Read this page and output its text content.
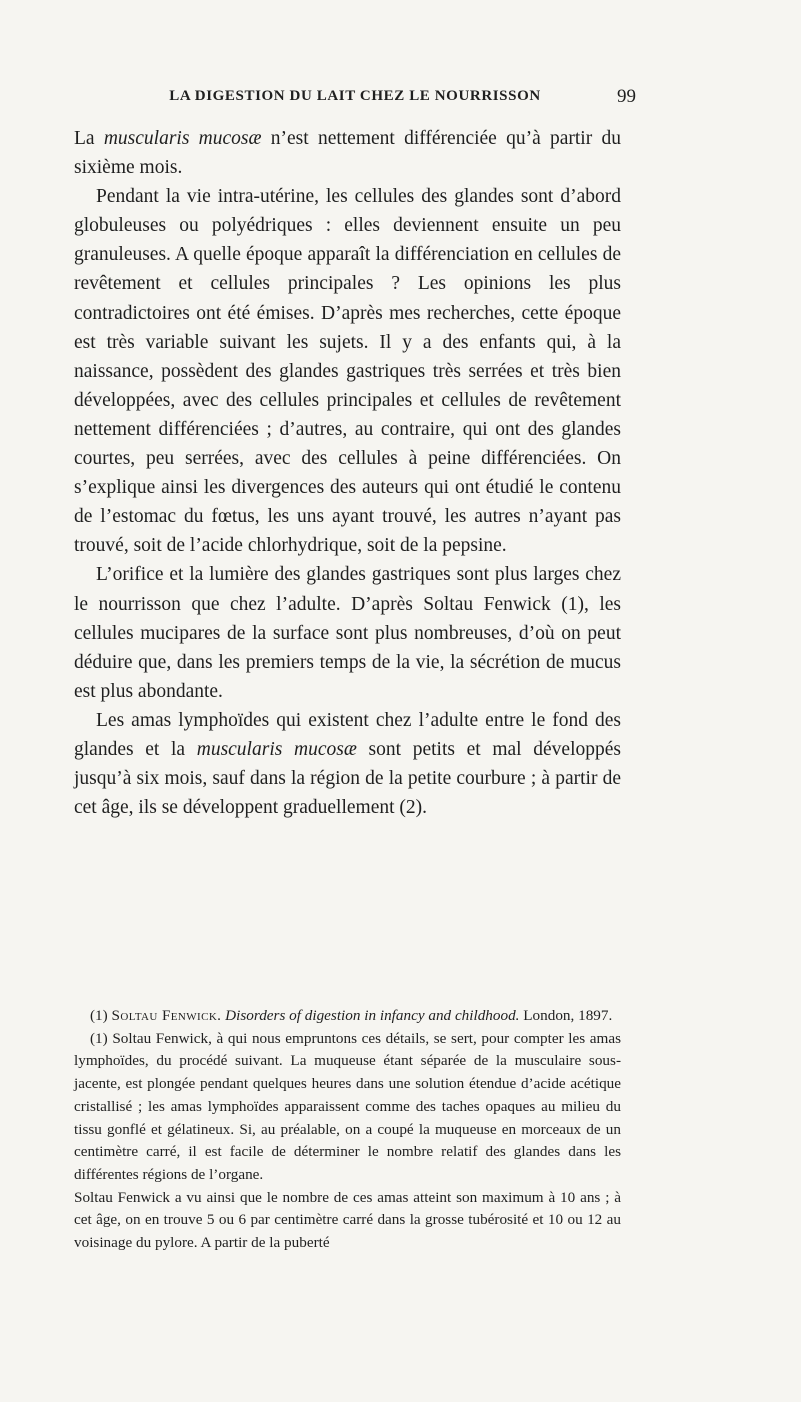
LA DIGESTION DU LAIT CHEZ LE NOURRISSON	99

La muscularis mucosæ n’est nettement différenciée qu’à partir du sixième mois.

Pendant la vie intra-utérine, les cellules des glandes sont d’abord globuleuses ou polyédriques : elles deviennent ensuite un peu granuleuses. A quelle époque apparaît la différenciation en cellules de revêtement et cellules principales ? Les opinions les plus contradictoires ont été émises. D’après mes recherches, cette époque est très variable suivant les sujets. Il y a des enfants qui, à la naissance, possèdent des glandes gastriques très serrées et très bien développées, avec des cellules principales et cellules de revêtement nettement différenciées ; d’autres, au contraire, qui ont des glandes courtes, peu serrées, avec des cellules à peine différenciées. On s’explique ainsi les divergences des auteurs qui ont étudié le contenu de l’estomac du fœtus, les uns ayant trouvé, les autres n’ayant pas trouvé, soit de l’acide chlorhydrique, soit de la pepsine.

L’orifice et la lumière des glandes gastriques sont plus larges chez le nourrisson que chez l’adulte. D’après Soltau Fenwick (1), les cellules mucipares de la surface sont plus nombreuses, d’où on peut déduire que, dans les premiers temps de la vie, la sécrétion de mucus est plus abondante.

Les amas lymphoïdes qui existent chez l’adulte entre le fond des glandes et la muscularis mucosæ sont petits et mal développés jusqu’à six mois, sauf dans la région de la petite courbure ; à partir de cet âge, ils se développent graduellement (2).

(1) Soltau Fenwick. Disorders of digestion in infancy and childhood. London, 1897.

(1) Soltau Fenwick, à qui nous empruntons ces détails, se sert, pour compter les amas lymphoïdes, du procédé suivant. La muqueuse étant séparée de la musculaire sous-jacente, est plongée pendant quelques heures dans une solution étendue d’acide acétique cristallisé ; les amas lymphoïdes apparaissent comme des taches opaques au milieu du tissu gonflé et gélatineux. Si, au préalable, on a coupé la muqueuse en morceaux de un centimètre carré, il est facile de déterminer le nombre relatif des glandes dans les différentes régions de l’organe.

Soltau Fenwick a vu ainsi que le nombre de ces amas atteint son maximum à 10 ans ; à cet âge, on en trouve 5 ou 6 par centimètre carré dans la grosse tubérosité et 10 ou 12 au voisinage du pylore. A partir de la puberté
